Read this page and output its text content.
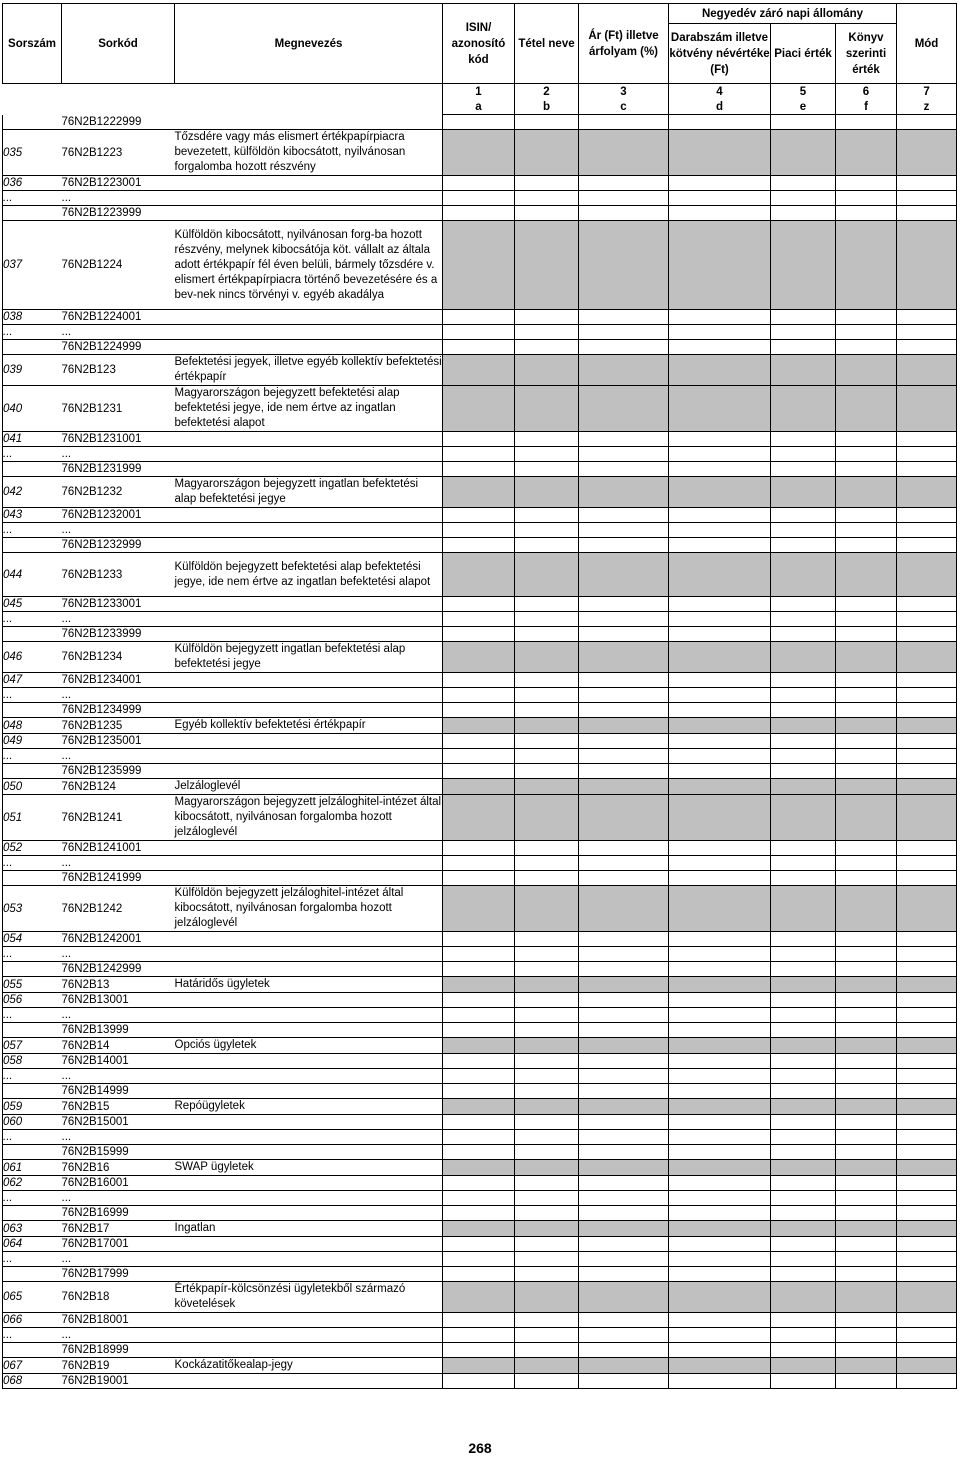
Sorszám	Sorkód	Megnevezés	ISIN/ azonosító kód	Tétel neve	Ár (Ft) illetve árfolyam (%)	Negyedév záró napi állomány			Mód
						Darabszám illetve kötvény névértéke (Ft)	Piaci érték	Könyv szerinti érték	
			1	2	3	4	5	6	7
			a	b	c	d	e	f	z
	76N2B1222999								
035	76N2B1223	Tőzsdére vagy más elismert értékpapírpiacra bevezetett, külföldön kibocsátott, nyilvánosan forgalomba hozott részvény							
036	76N2B1223001								
...	...								
	76N2B1223999								
037	76N2B1224	Külföldön kibocsátott, nyilvánosan forg-ba hozott részvény, melynek kibocsátója köt. vállalt az általa adott értékpapír fél éven belüli, bármely tőzsdére v. elismert értékpapírpiacra történő bevezetésére és a bev-nek nincs törvényi v. egyéb akadálya							
038	76N2B1224001								
...	...								
	76N2B1224999								
039	76N2B123	Befektetési jegyek, illetve egyéb kollektív befektetési értékpapír							
040	76N2B1231	Magyarországon bejegyzett befektetési alap befektetési jegye, ide nem értve az ingatlan befektetési alapot							
041	76N2B1231001								
...	...								
	76N2B1231999								
042	76N2B1232	Magyarországon bejegyzett ingatlan befektetési alap befektetési jegye							
043	76N2B1232001								
...	...								
	76N2B1232999								
044	76N2B1233	Külföldön bejegyzett befektetési alap befektetési jegye, ide nem értve az ingatlan befektetési alapot							
045	76N2B1233001								
...	...								
	76N2B1233999								
046	76N2B1234	Külföldön bejegyzett ingatlan befektetési alap befektetési jegye							
047	76N2B1234001								
...	...								
	76N2B1234999								
048	76N2B1235	Egyéb kollektív befektetési értékpapír							
049	76N2B1235001								
...	...								
	76N2B1235999								
050	76N2B124	Jelzáloglevél							
051	76N2B1241	Magyarországon bejegyzett jelzáloghitel-intézet által kibocsátott, nyilvánosan forgalomba hozott jelzáloglevél							
052	76N2B1241001								
...	...								
	76N2B1241999								
053	76N2B1242	Külföldön bejegyzett jelzáloghitel-intézet által kibocsátott, nyilvánosan forgalomba hozott jelzáloglevél							
054	76N2B1242001								
...	...								
	76N2B1242999								
055	76N2B13	Határidős ügyletek							
056	76N2B13001								
...	...								
	76N2B13999								
057	76N2B14	Opciós ügyletek							
058	76N2B14001								
...	...								
	76N2B14999								
059	76N2B15	Repóügyletek							
060	76N2B15001								
...	...								
	76N2B15999								
061	76N2B16	SWAP ügyletek							
062	76N2B16001								
...	...								
	76N2B16999								
063	76N2B17	Ingatlan							
064	76N2B17001								
...	...								
	76N2B17999								
065	76N2B18	Értékpapír-kölcsönzési ügyletekből származó követelések							
066	76N2B18001								
...	...								
	76N2B18999								
067	76N2B19	Kockázatitőkealap-jegy							
068	76N2B19001								
268
